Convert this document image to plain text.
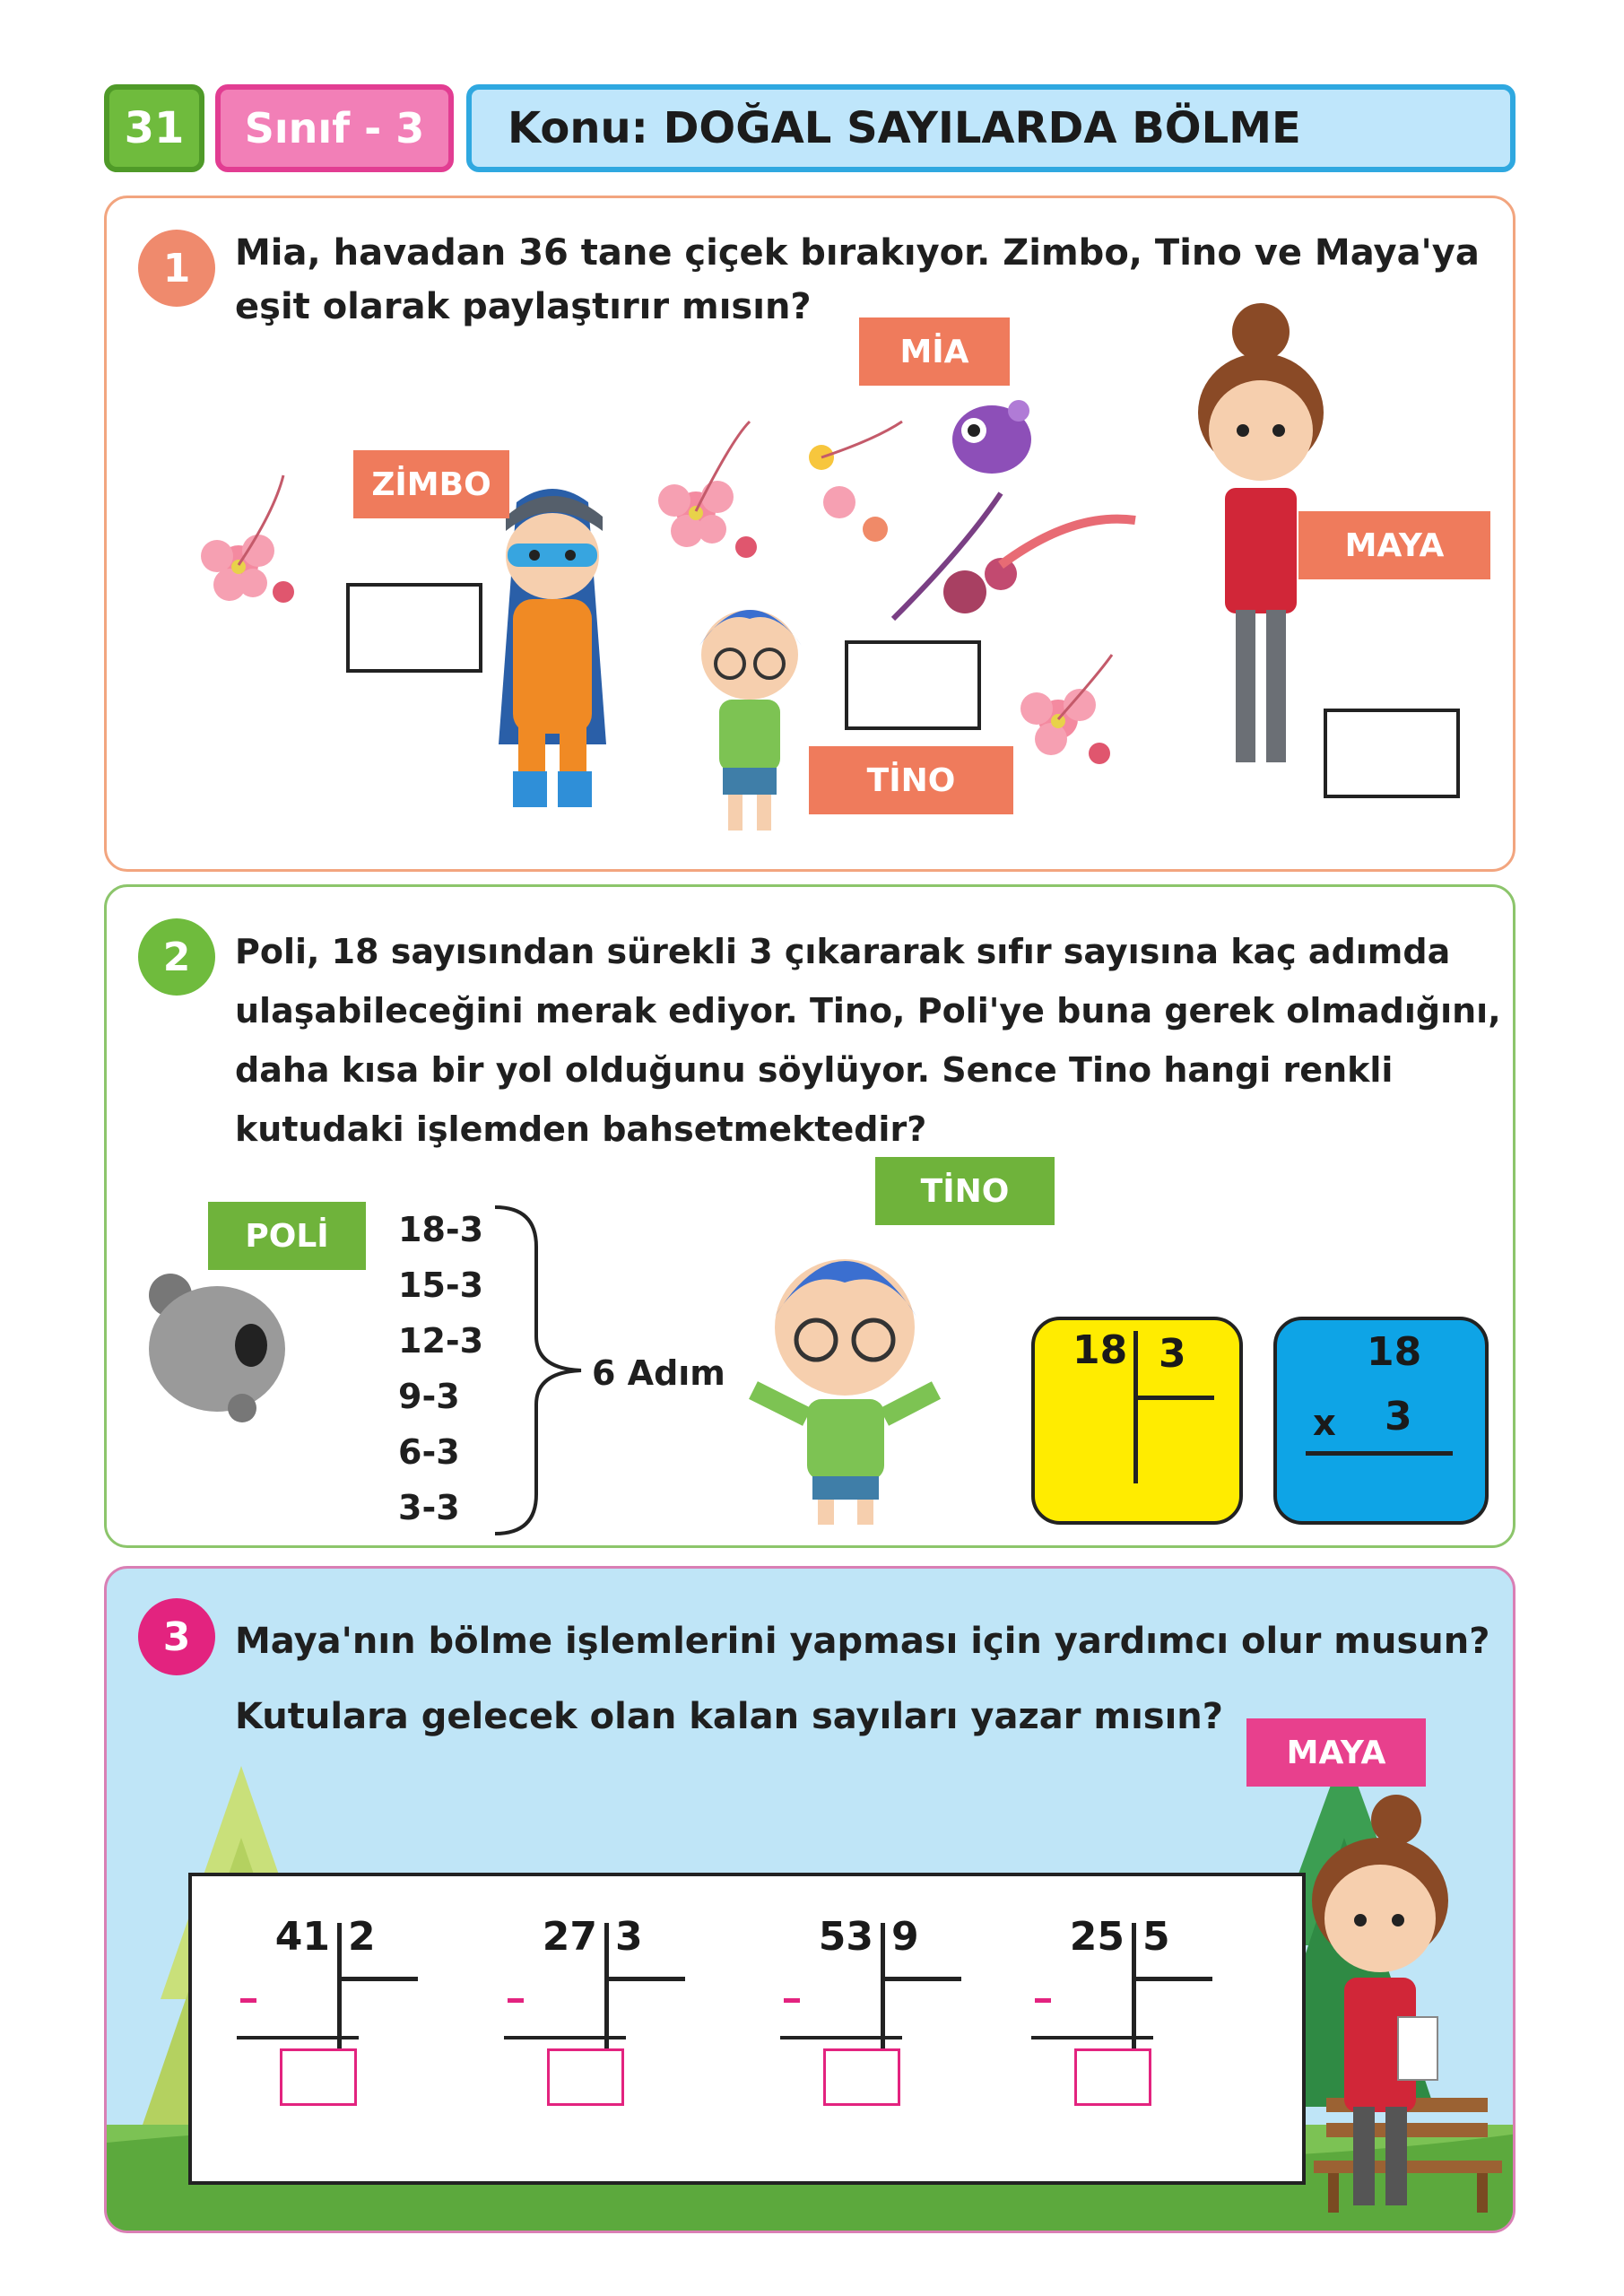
31 Sınıf - 3 Konu: DOĞAL SAYILARDA BÖLME
1 Mia, havadan 36 tane çiçek bırakıyor. Zimbo, Tino ve Maya'ya
eşit olarak paylaştırır mısın?
MİA
ZİMBO
MAYA
TİNO
2 Poli, 18 sayısından sürekli 3 çıkararak sıfır sayısına kaç adımda
ulaşabileceğini merak ediyor. Tino, Poli'ye buna gerek olmadığını,
daha kısa bir yol olduğunu söylüyor. Sence Tino hangi renkli
kutudaki işlemden bahsetmektedir?
POLİ
TİNO
18-3
15-3
12-3
9-3
6-3
3-3
6 Adım	18 3	18
x 3
3 Maya'nın bölme işlemlerini yapması için yardımcı olur musun?
Kutulara gelecek olan kalan sayıları yazar mısın?
MAYA
41 2	27 3	53 9	25 5
